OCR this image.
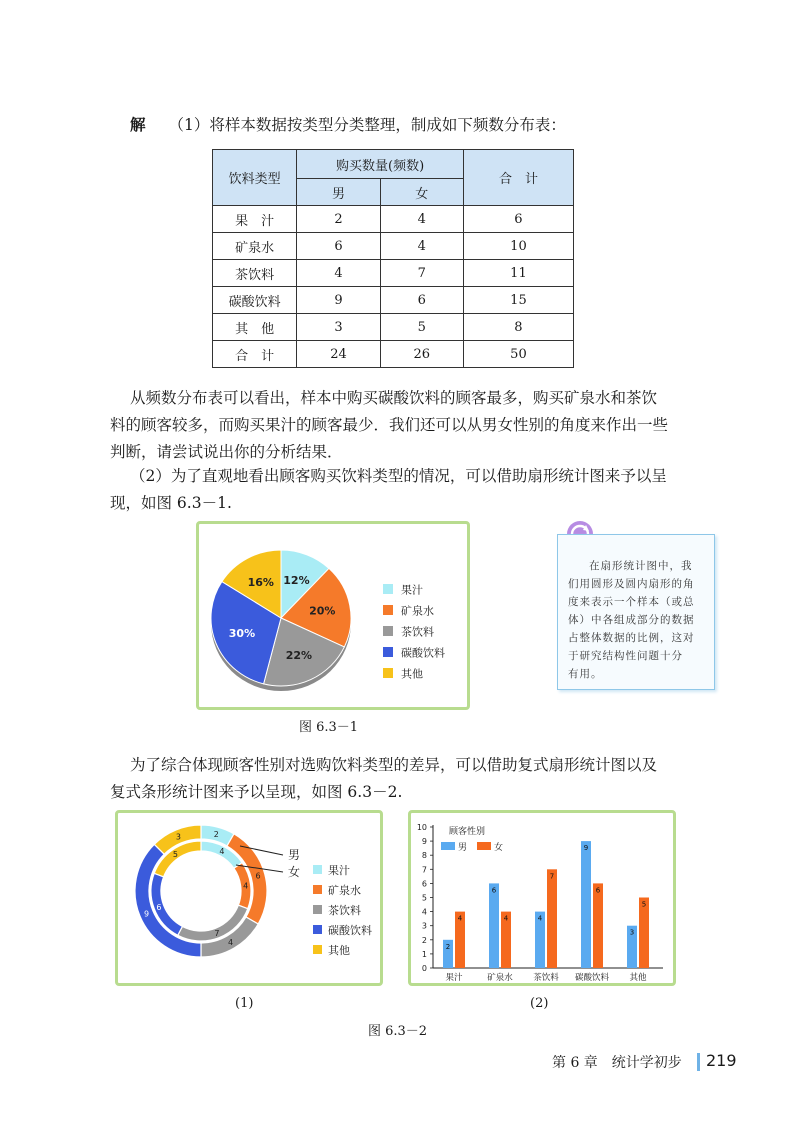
解 （1）将样本数据按类型分类整理，制成如下频数分布表：
饮料类型	购买数量(频数)		合　计
	男	女	
果　汁	2	4	6
矿泉水	6	4	10
茶饮料	4	7	11
碳酸饮料	9	6	15
其　他	3	5	8
合　计	24	26	50
从频数分布表可以看出，样本中购买碳酸饮料的顾客最多，购买矿泉水和茶饮
料的顾客较多，而购买果汁的顾客最少．我们还可以从男女性别的角度来作出一些
判断，请尝试说出你的分析结果．
（2）为了直观地看出顾客购买饮料类型的情况，可以借助扇形统计图来予以呈
现，如图 6.3－1.
12%
20%
22%
30%
16%
果汁
矿泉水
茶饮料
碳酸饮料
其他
图 6.3－1
在扇形统计图中，我
们用圆形及圆内扇形的角
度来表示一个样本（或总
体）中各组成部分的数据
占整体数据的比例，这对
于研究结构性问题十分
有用。
为了综合体现顾客性别对选购饮料类型的差异，可以借助复式扇形统计图以及
复式条形统计图来予以呈现，如图 6.3－2.
2
6
4
9
3
4
4
7
6
5	男
女	果汁
矿泉水
茶饮料
碳酸饮料
其他
0
1
2
3
4
5
6
7
8
9
10 顾客性别
男	女
2
4
果汁
6
4
矿泉水
4
7
茶饮料
9
6
碳酸饮料
3
5
其他
(1)	(2)
图 6.3－2
第 6 章　统计学初步 219
